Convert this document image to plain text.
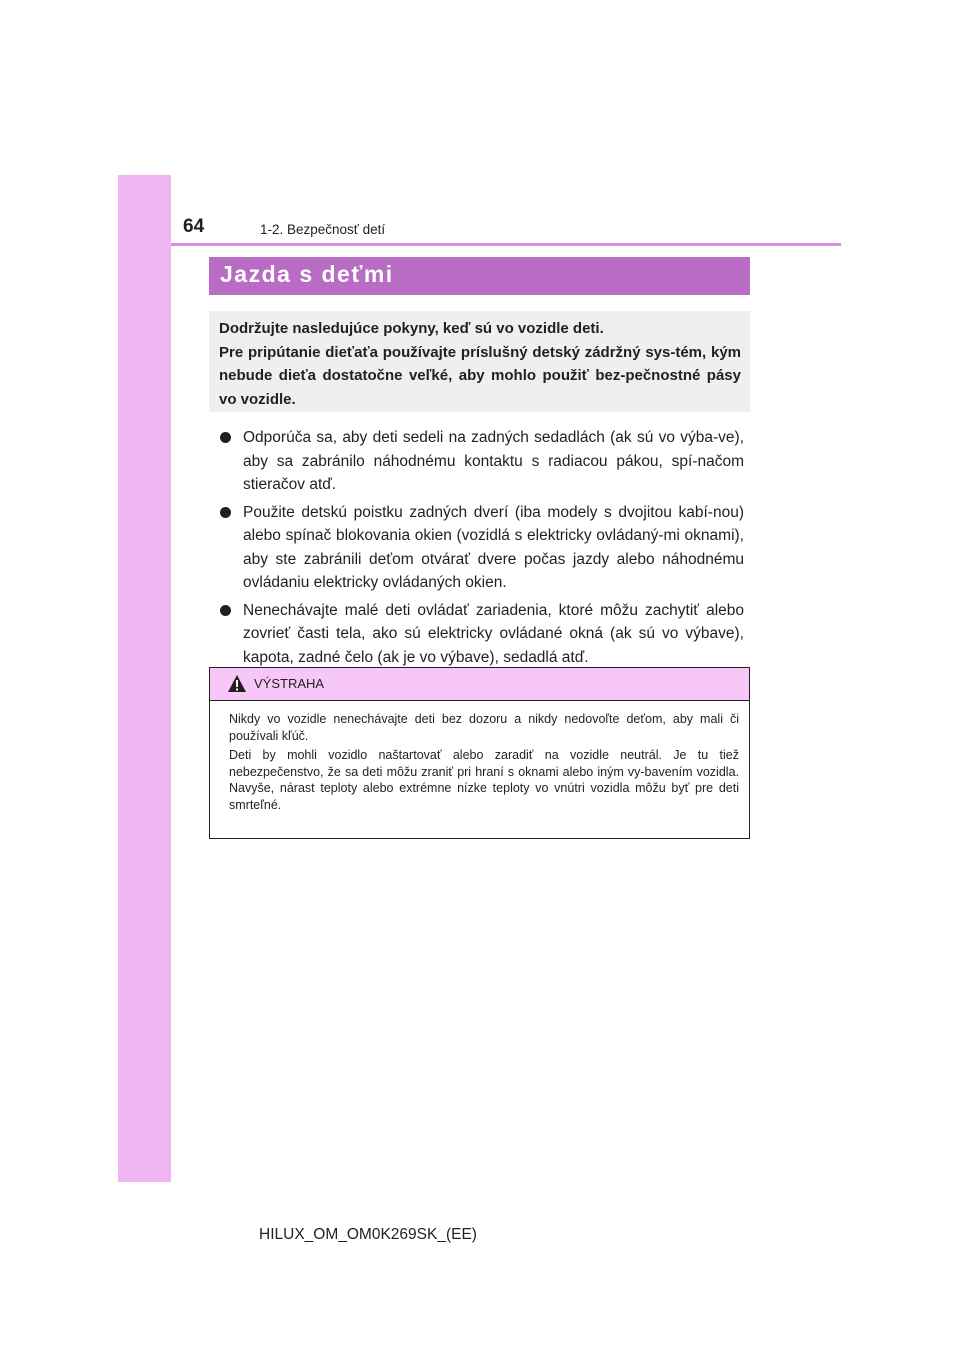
64	1-2. Bezpečnosť detí
Jazda s deťmi

Dodržujte nasledujúce pokyny, keď sú vo vozidle deti.

Pre pripútanie dieťaťa používajte príslušný detský zádržný sys-tém, kým nebude dieťa dostatočne veľké, aby mohlo použiť bez-pečnostné pásy vo vozidle.

Odporúča sa, aby deti sedeli na zadných sedadlách (ak sú vo výba-ve), aby sa zabránilo náhodnému kontaktu s radiacou pákou, spí-načom stieračov atď.
Použite detskú poistku zadných dverí (iba modely s dvojitou kabí-nou) alebo spínač blokovania okien (vozidlá s elektricky ovládaný-mi oknami), aby ste zabránili deťom otvárať dvere počas jazdy alebo náhodnému ovládaniu elektricky ovládaných okien.
Nenechávajte malé deti ovládať zariadenia, ktoré môžu zachytiť alebo zovrieť časti tela, ako sú elektricky ovládané okná (ak sú vo výbave), kapota, zadné čelo (ak je vo výbave), sedadlá atď.
VÝSTRAHA

Nikdy vo vozidle nenechávajte deti bez dozoru a nikdy nedovoľte deťom, aby mali či používali kľúč.

Deti by mohli vozidlo naštartovať alebo zaradiť na vozidle neutrál. Je tu tiež nebezpečenstvo, že sa deti môžu zraniť pri hraní s oknami alebo iným vy-bavením vozidla. Navyše, nárast teploty alebo extrémne nízke teploty vo vnútri vozidla môžu byť pre deti smrteľné.

HILUX_OM_OM0K269SK_(EE)
